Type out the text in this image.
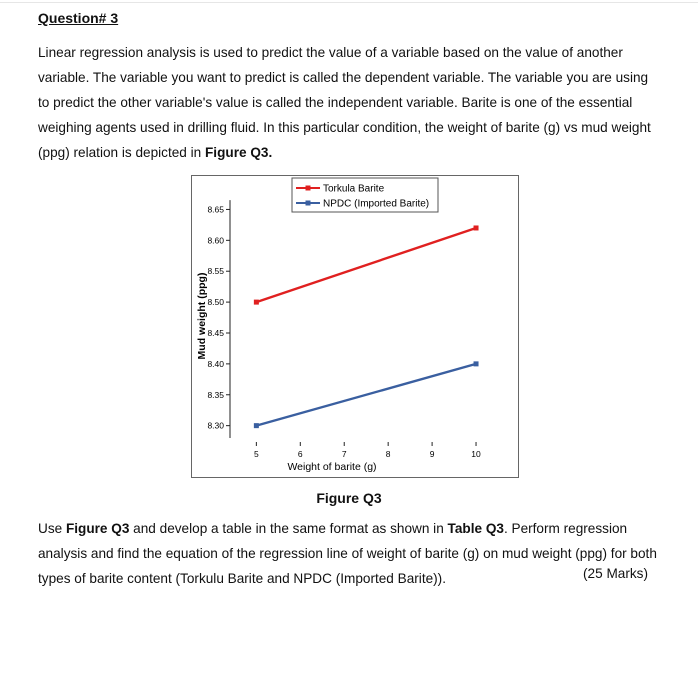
Question# 3
Linear regression analysis is used to predict the value of a variable based on the value of another variable. The variable you want to predict is called the dependent variable. The variable you are using to predict the other variable's value is called the independent variable. Barite is one of the essential weighing agents used in drilling fluid. In this particular condition, the weight of barite (g) vs mud weight (ppg) relation is depicted in Figure Q3.
8.30
8.35
8.40
8.45
8.50
8.55
8.60
8.65
5	6	7	8	9	10
Weight of barite (g)
Mud weight (ppg)
Torkula Barite
NPDC (Imported Barite)
Figure Q3
Use Figure Q3 and develop a table in the same format as shown in Table Q3. Perform regression analysis and find the equation of the regression line of weight of barite (g) on mud weight (ppg) for both types of barite content (Torkulu Barite and NPDC (Imported Barite)).	(25 Marks)
